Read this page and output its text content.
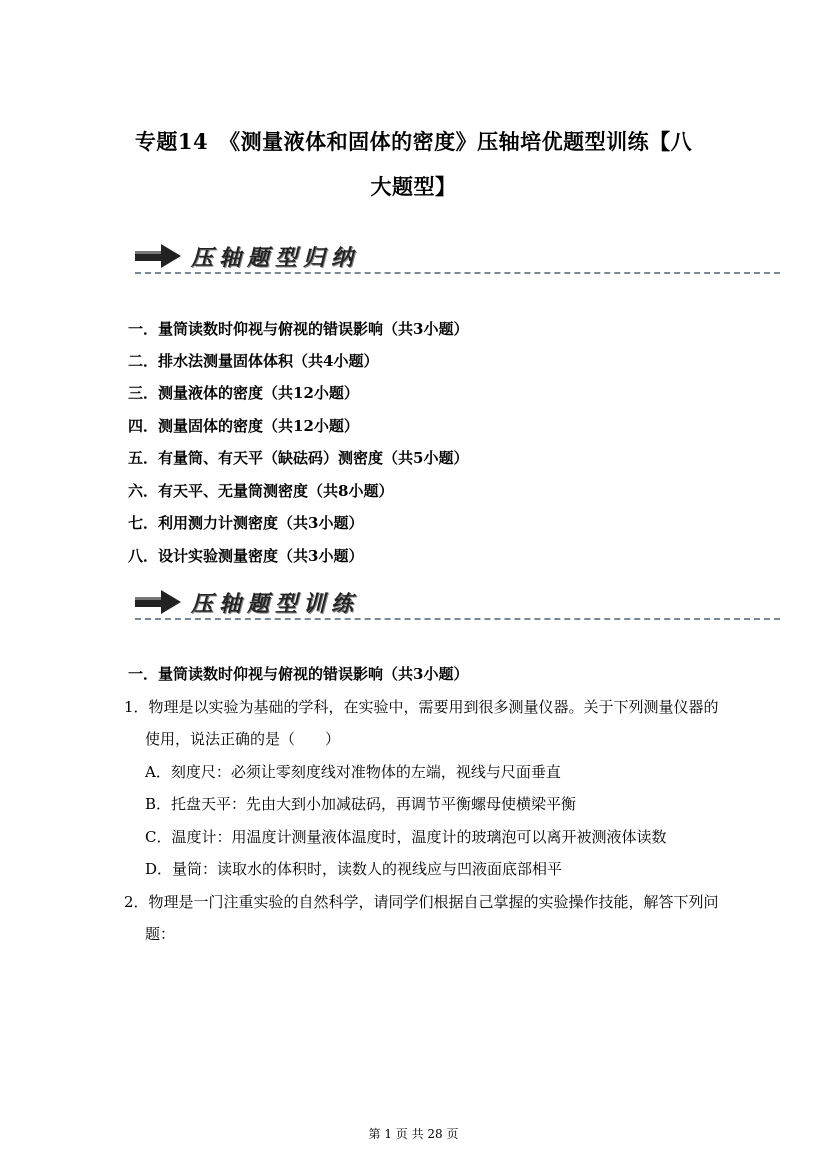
专题14　《测量液体和固体的密度》压轴培优题型训练【八
大题型】
压轴题型归纳
一．量筒读数时仰视与俯视的错误影响（共3小题）
二．排水法测量固体体积（共4小题）
三．测量液体的密度（共12小题）
四．测量固体的密度（共12小题）
五．有量筒、有天平（缺砝码）测密度（共5小题）
六．有天平、无量筒测密度（共8小题）
七．利用测力计测密度（共3小题）
八．设计实验测量密度（共3小题）
压轴题型训练
一．量筒读数时仰视与俯视的错误影响（共3小题）
1．物理是以实验为基础的学科，在实验中，需要用到很多测量仪器。关于下列测量仪器的
使用，说法正确的是（　　）
A．刻度尺：必须让零刻度线对准物体的左端，视线与尺面垂直
B．托盘天平：先由大到小加减砝码，再调节平衡螺母使横梁平衡
C．温度计：用温度计测量液体温度时，温度计的玻璃泡可以离开被测液体读数
D．量筒：读取水的体积时，读数人的视线应与凹液面底部相平
2．物理是一门注重实验的自然科学，请同学们根据自己掌握的实验操作技能，解答下列问
题：
第 1 页 共 28 页
